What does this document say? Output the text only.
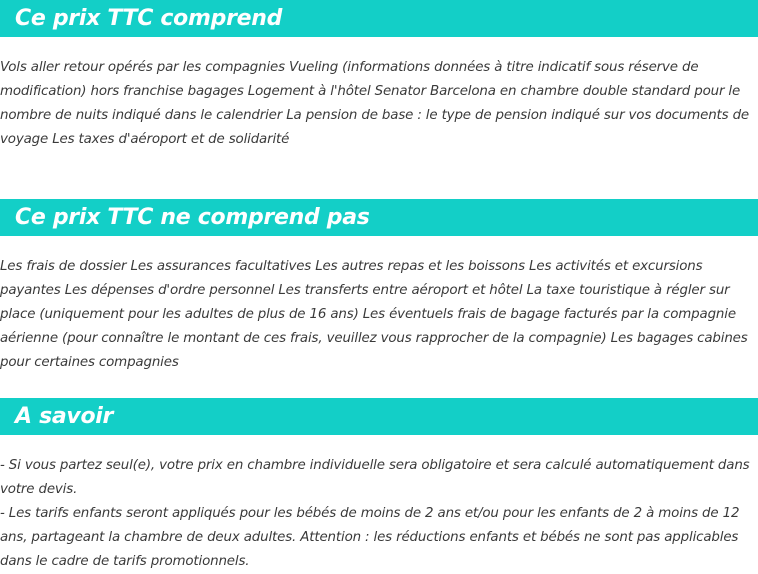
Ce prix TTC comprend

Vols aller retour opérés par les compagnies Vueling (informations données à titre indicatif sous réserve de modification) hors franchise bagages Logement à l'hôtel Senator Barcelona en chambre double standard pour le nombre de nuits indiqué dans le calendrier La pension de base : le type de pension indiqué sur vos documents de voyage Les taxes d'aéroport et de solidarité

Ce prix TTC ne comprend pas

Les frais de dossier Les assurances facultatives Les autres repas et les boissons Les activités et excursions payantes Les dépenses d'ordre personnel Les transferts entre aéroport et hôtel La taxe touristique à régler sur place (uniquement pour les adultes de plus de 16 ans) Les éventuels frais de bagage facturés par la compagnie aérienne (pour connaître le montant de ces frais, veuillez vous rapprocher de la compagnie) Les bagages cabines pour certaines compagnies

A savoir

- Si vous partez seul(e), votre prix en chambre individuelle sera obligatoire et sera calculé automatiquement dans votre devis.

- Les tarifs enfants seront appliqués pour les bébés de moins de 2 ans et/ou pour les enfants de 2 à moins de 12 ans, partageant la chambre de deux adultes. Attention : les réductions enfants et bébés ne sont pas applicables dans le cadre de tarifs promotionnels.
